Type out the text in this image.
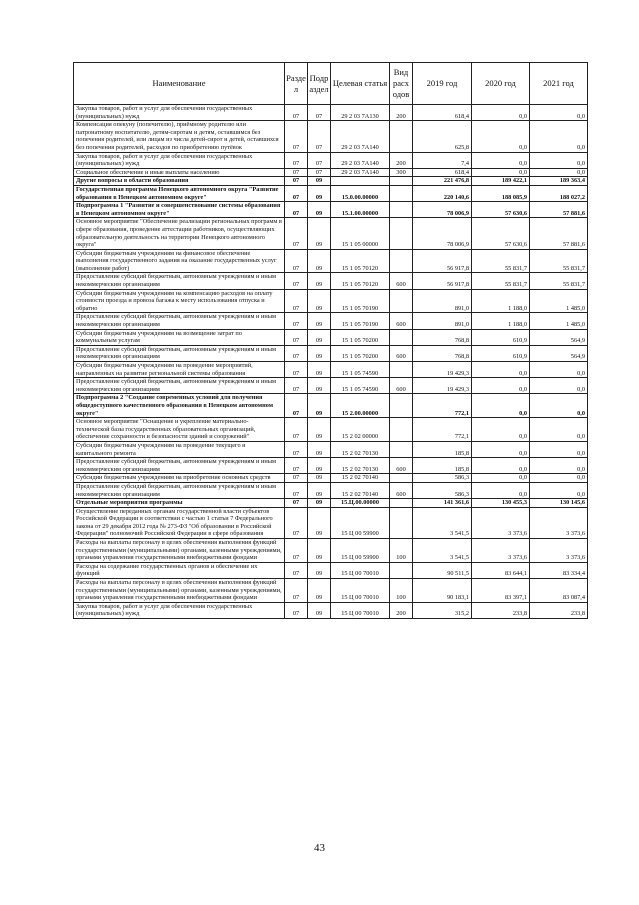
Наименование	Разде л	Подр аздел	Целевая статья	Вид расх одов	2019 год	2020 год	2021 год
Закупка товаров, работ и услуг для обеспечения государственных (муниципальных) нужд	07	07	29 2 03 7А130	200	618,4	0,0	0,0
Компенсация опекуну (попечителю), приёмному родителю или патронатному воспитателю, детям-сиротам и детям, оставшимся без попечения родителей, или лицам из числа детей-сирот и детей, оставшихся без попечения родителей, расходов по приобретению путёвок	07	07	29 2 03 7А140		625,8	0,0	0,0
Закупка товаров, работ и услуг для обеспечения государственных (муниципальных) нужд	07	07	29 2 03 7А140	200	7,4	0,0	0,0
Социальное обеспечение и иные выплаты населению	07	07	29 2 03 7А140	300	618,4	0,0	0,0
Другие вопросы в области образования	07	09			221 476,8	189 422,1	189 363,4
Государственная программа Ненецкого автономного округа "Развитие образования в Ненецком автономном округе"	07	09	15.0.00.00000		220 140,6	188 085,9	188 027,2
Подпрограмма 1 "Развитие и совершенствование системы образования в Ненецком автономном округе"	07	09	15.1.00.00000		78 006,9	57 630,6	57 881,6
Основное мероприятие "Обеспечение реализации региональных программ в сфере образования, проведение аттестации работников, осуществляющих образовательную деятельность на территории Ненецкого автономного округа"	07	09	15 1 05 00000		78 006,9	57 630,6	57 881,6
Субсидии бюджетным учреждениям на финансовое обеспечение выполнения государственного задания на оказание государственных услуг (выполнение работ)	07	09	15 1 05 70120		56 917,8	55 831,7	55 831,7
Предоставление субсидий бюджетным, автономным учреждениям и иным некоммерческим организациям	07	09	15 1 05 70120	600	56 917,8	55 831,7	55 831,7
Субсидии бюджетным учреждениям на компенсацию расходов на оплату стоимости проезда и провоза багажа к месту использования отпуска и обратно	07	09	15 1 05 70190		891,0	1 188,0	1 485,0
Предоставление субсидий бюджетным, автономным учреждениям и иным некоммерческим организациям	07	09	15 1 05 70190	600	891,0	1 188,0	1 485,0
Субсидии бюджетным учреждениям на возмещение затрат по коммунальным услугам	07	09	15 1 05 70200		768,8	610,9	564,9
Предоставление субсидий бюджетным, автономным учреждениям и иным некоммерческим организациям	07	09	15 1 05 70200	600	768,8	610,9	564,9
Субсидии бюджетным учреждениям на проведение мероприятий, направленных на развитие региональной системы образования	07	09	15 1 05 74590		19 429,3	0,0	0,0
Предоставление субсидий бюджетным, автономным учреждениям и иным некоммерческим организациям	07	09	15 1 05 74590	600	19 429,3	0,0	0,0
Подпрограмма 2 "Создание современных условий для получения общедоступного качественного образования в Ненецком автономном округе"	07	09	15 2.00.00000		772,1	0,0	0,0
Основное мероприятие "Оснащение и укрепление материально-технической базы государственных образовательных организаций, обеспечение сохранности и безопасности зданий и сооружений"	07	09	15 2 02 00000		772,1	0,0	0,0
Субсидии бюджетным учреждениям на проведение текущего и капитального ремонта	07	09	15 2 02 70130		185,8	0,0	0,0
Предоставление субсидий бюджетным, автономным учреждениям и иным некоммерческим организациям	07	09	15 2 02 70130	600	185,8	0,0	0,0
Субсидии бюджетным учреждениям на приобретение основных средств	07	09	15 2 02 70140		586,3	0,0	0,0
Предоставление субсидий бюджетным, автономным учреждениям и иным некоммерческим организациям	07	09	15 2 02 70140	600	586,3	0,0	0,0
Отдельные мероприятия программы	07	09	15.Ц.00.00000		141 361,6	130 455,3	130 145,6
Осуществление переданных органам государственной власти субъектов Российской Федерации в соответствии с частью 1 статьи 7 Федерального закона от 29 декабря 2012 года № 273-ФЗ "Об образовании в Российской Федерации" полномочий Российской Федерации в сфере образования	07	09	15 Ц 00 59900		3 541,5	3 373,6	3 373,6
Расходы на выплаты персоналу в целях обеспечения выполнения функций государственными (муниципальными) органами, казенными учреждениями, органами управления государственными внебюджетными фондами	07	09	15 Ц 00 59900	100	3 541,5	3 373,6	3 373,6
Расходы на содержание государственных органов и обеспечение их функций	07	09	15 Ц 00 70010		90 511,5	83 644,1	83 334,4
Расходы на выплаты персоналу в целях обеспечения выполнения функций государственными (муниципальными) органами, казенными учреждениями, органами управления государственными внебюджетными фондами	07	09	15 Ц 00 70010	100	90 183,1	83 397,1	83 087,4
Закупка товаров, работ и услуг для обеспечения государственных (муниципальных) нужд	07	09	15 Ц 00 70010	200	315,2	233,8	233,8
43
